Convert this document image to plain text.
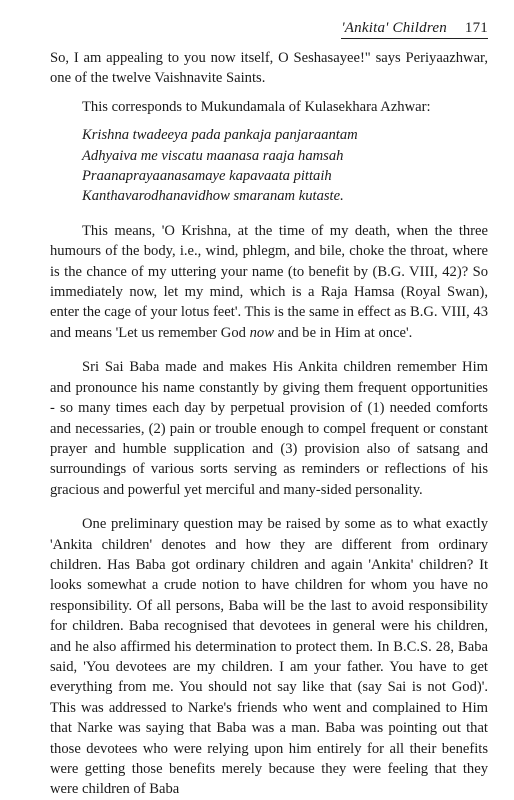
'Ankita' Children 171

So, I am appealing to you now itself, O Seshasayee!" says Periyaazhwar, one of the twelve Vaishnavite Saints.

This corresponds to Mukundamala of Kulasekhara Azhwar:

Krishna twadeeya pada pankaja panjaraantam
Adhyaiva me viscatu maanasa raaja hamsah
Praanaprayaanasamaye kapavaata pittaih
Kanthavarodhanavidhow smaranam kutaste.

This means, 'O Krishna, at the time of my death, when the three humours of the body, i.e., wind, phlegm, and bile, choke the throat, where is the chance of my uttering your name (to benefit by (B.G. VIII, 42)? So immediately now, let my mind, which is a Raja Hamsa (Royal Swan), enter the cage of your lotus feet'. This is the same in effect as B.G. VIII, 43 and means 'Let us remember God now and be in Him at once'.

Sri Sai Baba made and makes His Ankita children remember Him and pronounce his name constantly by giving them frequent opportunities - so many times each day by perpetual provision of (1) needed comforts and necessaries, (2) pain or trouble enough to compel frequent or constant prayer and humble supplication and (3) provision also of satsang and surroundings of various sorts serving as reminders or reflections of his gracious and powerful yet merciful and many-sided personality.

One preliminary question may be raised by some as to what exactly 'Ankita children' denotes and how they are different from ordinary children. Has Baba got ordinary children and again 'Ankita' children? It looks somewhat a crude notion to have children for whom you have no responsibility. Of all persons, Baba will be the last to avoid responsibility for children. Baba recognised that devotees in general were his children, and he also affirmed his determination to protect them. In B.C.S. 28, Baba said, 'You devotees are my children. I am your father. You have to get everything from me. You should not say like that (say Sai is not God)'. This was addressed to Narke's friends who went and complained to Him that Narke was saying that Baba was a man. Baba was pointing out that those devotees who were relying upon him entirely for all their benefits were getting those benefits merely because they were feeling that they were children of Baba
